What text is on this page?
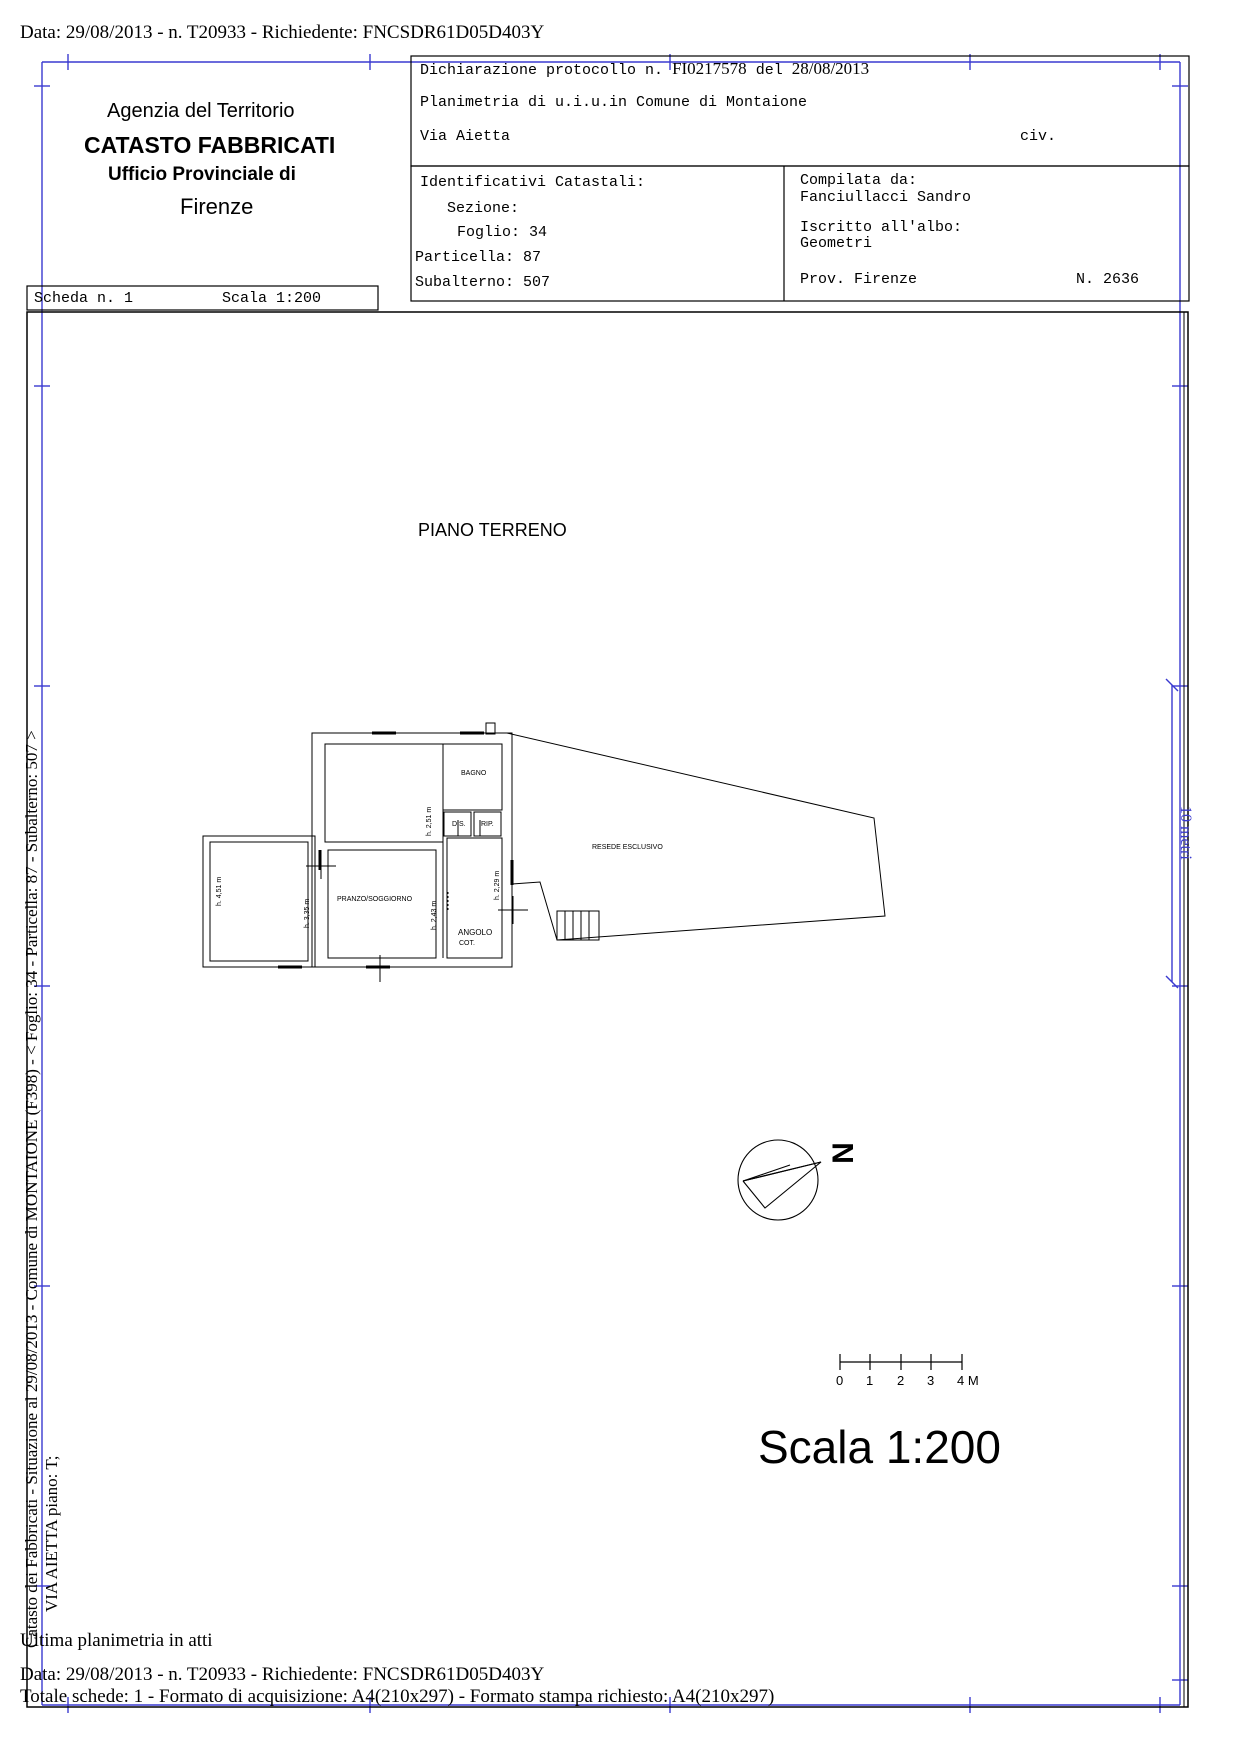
Data: 29/08/2013 - n. T20933 - Richiedente: FNCSDR61D05D403Y
Agenzia del Territorio
CATASTO FABBRICATI
Ufficio Provinciale di
Firenze
Dichiarazione protocollo n. FI0217578 del 28/08/2013
Planimetria di u.i.u.in Comune di Montaione
Via Aietta	civ.
Identificativi Catastali:
Sezione:
Foglio: 34
Particella: 87
Subalterno: 507
Compilata da:
Fanciullacci Sandro
Iscritto all'albo:
Geometri
Prov. Firenze	N. 2636
Scheda n. 1	Scala 1:200
Catasto dei Fabbricati - Situazione al 29/08/2013 - Comune di MONTAIONE (F398) - < Foglio: 34 - Particella: 87 - Subalterno: 507 > VIA AIETTA piano: T;
PIANO TERRENO
BAGNO
DIS. RIP.
RESEDE ESCLUSIVO
PRANZO/SOGGIORNO
ANGOLO
COT.
h. 4,51 m
h. 3,35 m
h. 2,51 m
h. 2,43 m
h. 2,29 m
N
0 1 2 3 4 M
Scala 1:200
10 metri
Ultima planimetria in atti
Data: 29/08/2013 - n. T20933 - Richiedente: FNCSDR61D05D403Y
Totale schede: 1 - Formato di acquisizione: A4(210x297) - Formato stampa richiesto: A4(210x297)
